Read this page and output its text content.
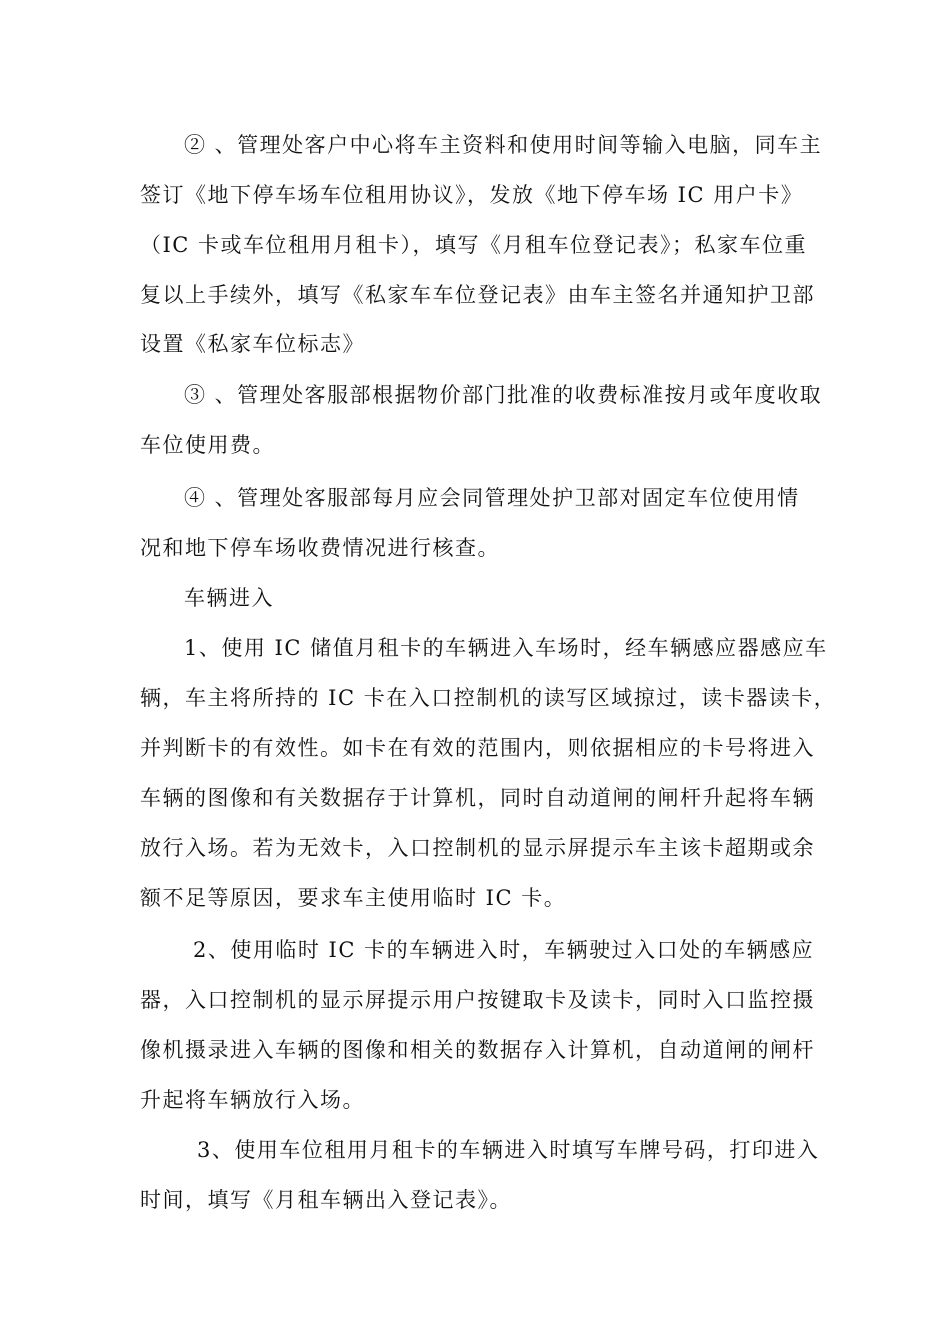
② 、管理处客户中心将车主资料和使用时间等输入电脑，同车主
签订《地下停车场车位租用协议》，发放《地下停车场 IC 用户卡》
（IC 卡或车位租用月租卡），填写《月租车位登记表》；私家车位重
复以上手续外，填写《私家车车位登记表》由车主签名并通知护卫部
设置《私家车位标志》
③ 、管理处客服部根据物价部门批准的收费标准按月或年度收取
车位使用费。
④ 、管理处客服部每月应会同管理处护卫部对固定车位使用情
况和地下停车场收费情况进行核查。
车辆进入
1、使用 IC 储值月租卡的车辆进入车场时，经车辆感应器感应车
辆，车主将所持的 IC 卡在入口控制机的读写区域掠过，读卡器读卡，
并判断卡的有效性。如卡在有效的范围内，则依据相应的卡号将进入
车辆的图像和有关数据存于计算机，同时自动道闸的闸杆升起将车辆
放行入场。若为无效卡，入口控制机的显示屏提示车主该卡超期或余
额不足等原因，要求车主使用临时 IC 卡。
2、使用临时 IC 卡的车辆进入时，车辆驶过入口处的车辆感应
器，入口控制机的显示屏提示用户按键取卡及读卡，同时入口监控摄
像机摄录进入车辆的图像和相关的数据存入计算机，自动道闸的闸杆
升起将车辆放行入场。
3、使用车位租用月租卡的车辆进入时填写车牌号码，打印进入
时间，填写《月租车辆出入登记表》。
